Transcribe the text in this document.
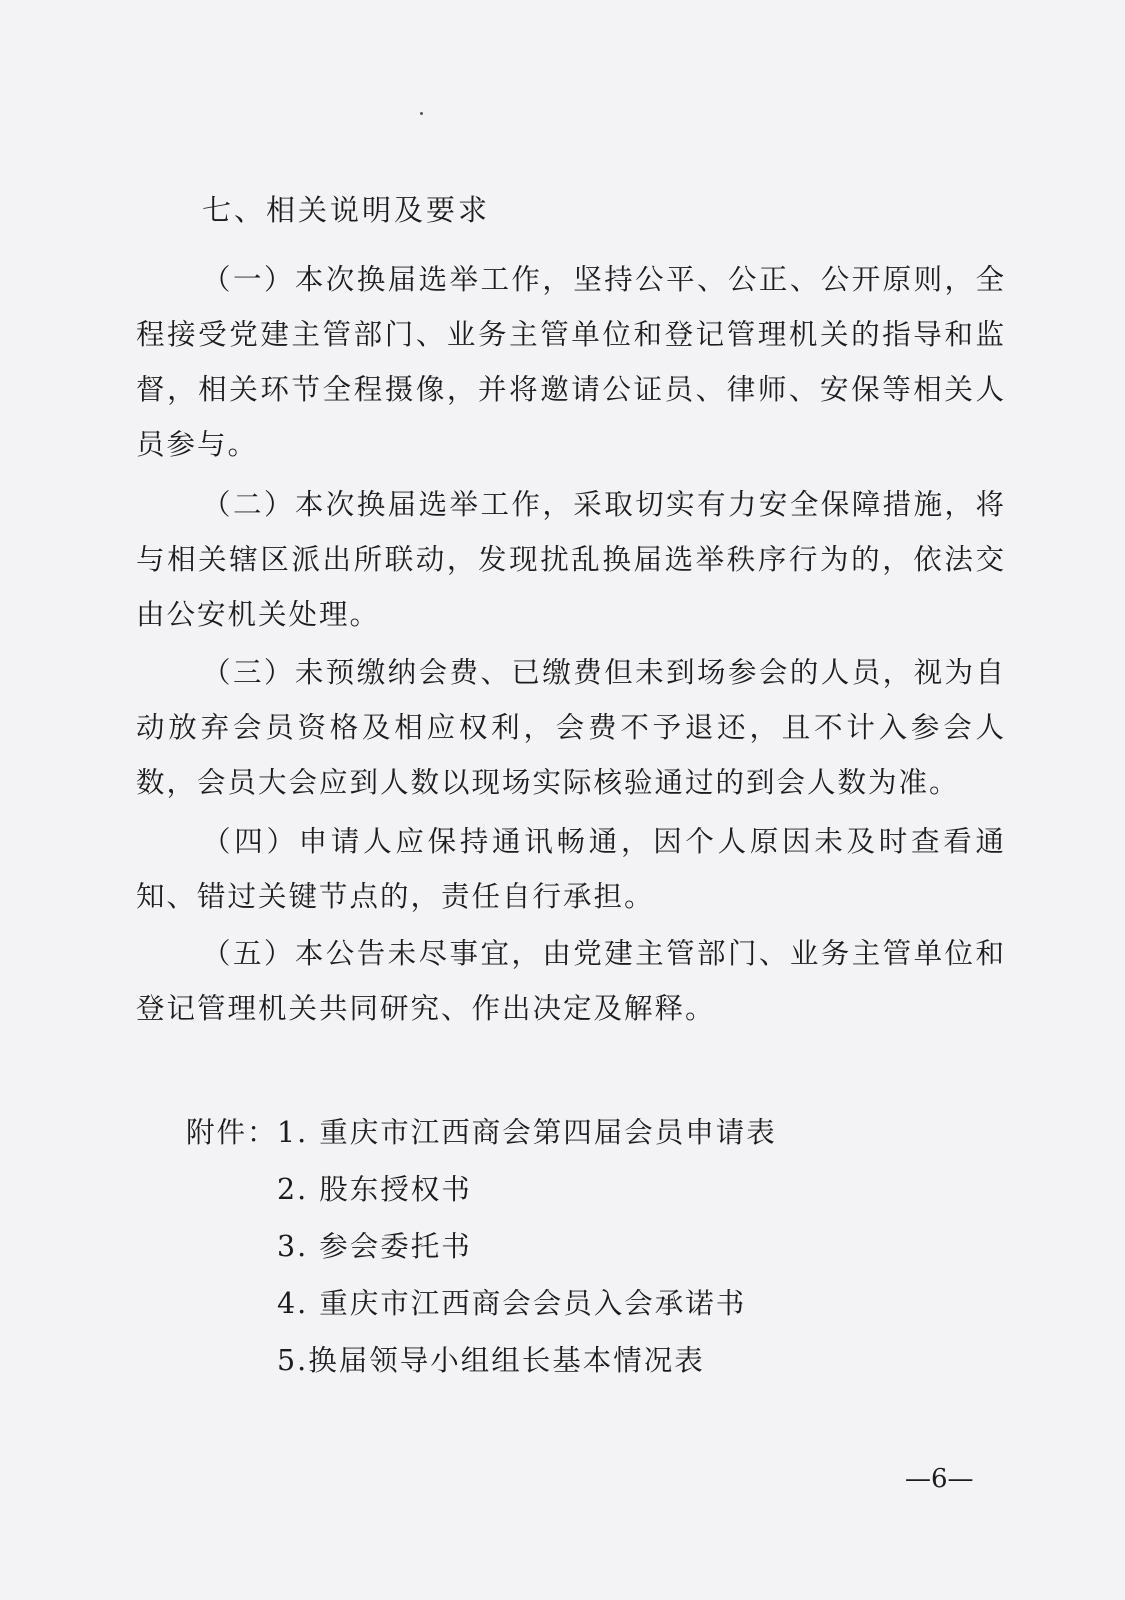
七、相关说明及要求
（一）本次换届选举工作，坚持公平、公正、公开原则，全程接受党建主管部门、业务主管单位和登记管理机关的指导和监督，相关环节全程摄像，并将邀请公证员、律师、安保等相关人员参与。
（二）本次换届选举工作，采取切实有力安全保障措施，将与相关辖区派出所联动，发现扰乱换届选举秩序行为的，依法交由公安机关处理。
（三）未预缴纳会费、已缴费但未到场参会的人员，视为自动放弃会员资格及相应权利，会费不予退还，且不计入参会人数，会员大会应到人数以现场实际核验通过的到会人数为准。
（四）申请人应保持通讯畅通，因个人原因未及时查看通知、错过关键节点的，责任自行承担。
（五）本公告未尽事宜，由党建主管部门、业务主管单位和登记管理机关共同研究、作出决定及解释。
附件： 1. 重庆市江西商会第四届会员申请表
2. 股东授权书
3. 参会委托书
4. 重庆市江西商会会员入会承诺书
5.换届领导小组组长基本情况表
—6—
